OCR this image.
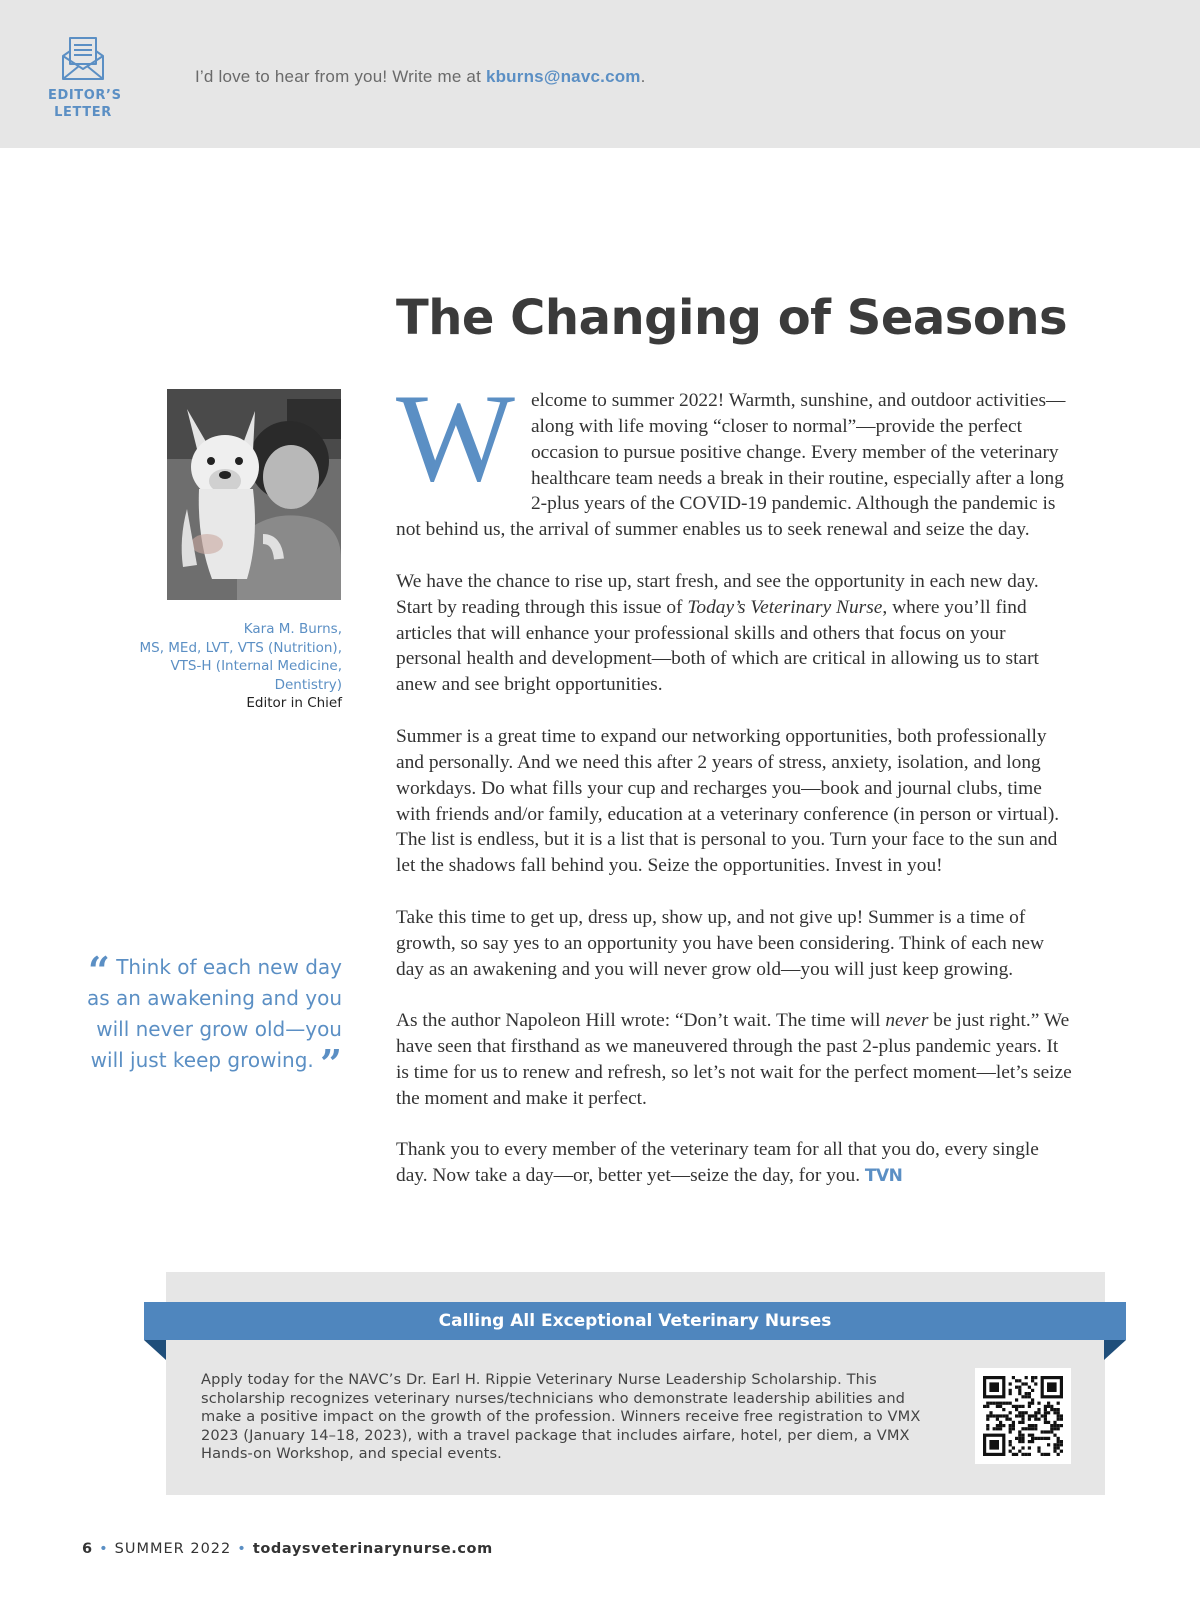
EDITOR’S
LETTER
I’d love to hear from you! Write me at kburns@navc.com.
The Changing of Seasons
Kara M. Burns,
MS, MEd, LVT, VTS (Nutrition),
VTS-H (Internal Medicine,
Dentistry)
Editor in Chief
“ Think of each new day as an awakening and you will never grow old—you will just keep growing. ”

Welcome to summer 2022! Warmth, sunshine, and outdoor activities—along with life moving “closer to normal”—provide the perfect occasion to pursue positive change. Every member of the veterinary healthcare team needs a break in their routine, especially after a long 2-plus years of the COVID-19 pandemic. Although the pandemic is not behind us, the arrival of summer enables us to seek renewal and seize the day.

We have the chance to rise up, start fresh, and see the opportunity in each new day. Start by reading through this issue of Today’s Veterinary Nurse, where you’ll find articles that will enhance your professional skills and others that focus on your personal health and development—both of which are critical in allowing us to start anew and see bright opportunities.

Summer is a great time to expand our networking opportunities, both professionally and personally. And we need this after 2 years of stress, anxiety, isolation, and long workdays. Do what fills your cup and recharges you—book and journal clubs, time with friends and/or family, education at a veterinary conference (in person or virtual). The list is endless, but it is a list that is personal to you. Turn your face to the sun and let the shadows fall behind you. Seize the opportunities. Invest in you!

Take this time to get up, dress up, show up, and not give up! Summer is a time of growth, so say yes to an opportunity you have been considering. Think of each new day as an awakening and you will never grow old—you will just keep growing.

As the author Napoleon Hill wrote: “Don’t wait. The time will never be just right.” We have seen that firsthand as we maneuvered through the past 2-plus pandemic years. It is time for us to renew and refresh, so let’s not wait for the perfect moment—let’s seize the moment and make it perfect.

Thank you to every member of the veterinary team for all that you do, every single day. Now take a day—or, better yet—seize the day, for you. TVN

Calling All Exceptional Veterinary Nurses
Apply today for the NAVC’s Dr. Earl H. Rippie Veterinary Nurse Leadership Scholarship. This scholarship recognizes veterinary nurses/technicians who demonstrate leadership abilities and make a positive impact on the growth of the profession. Winners receive free registration to VMX 2023 (January 14–18, 2023), with a travel package that includes airfare, hotel, per diem, a VMX Hands-on Workshop, and special events.
6 • SUMMER 2022 • todaysveterinarynurse.com
